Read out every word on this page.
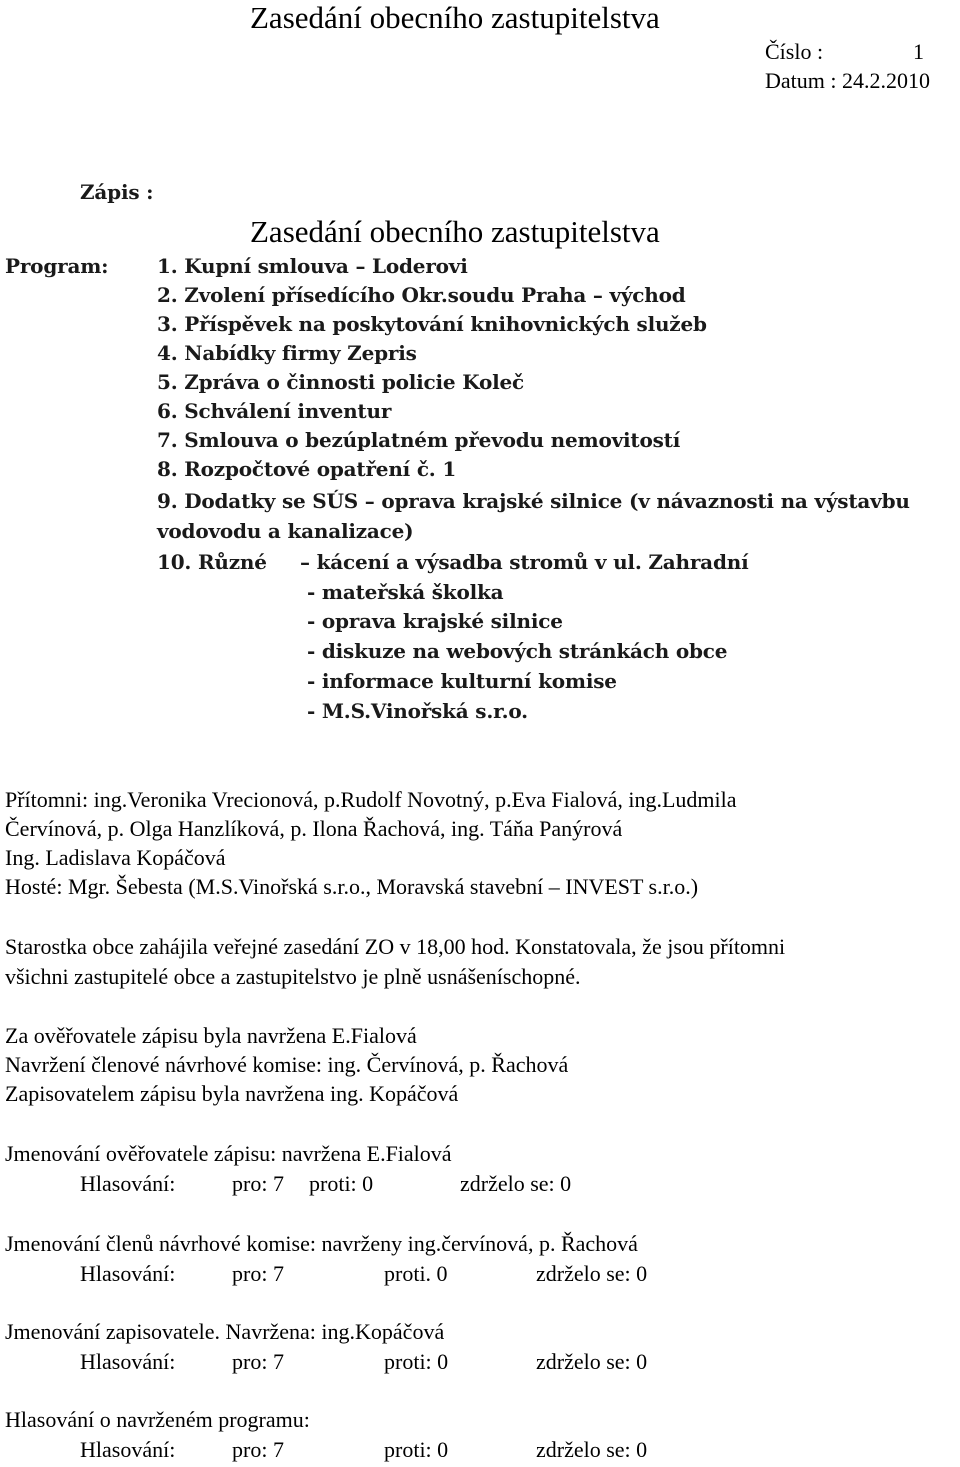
Zasedání obecního zastupitelstva
Číslo :	1
Datum : 24.2.2010
Zápis :
Zasedání obecního zastupitelstva
Program: 1. Kupní smlouva – Loderovi
2. Zvolení přísedícího Okr.soudu Praha – východ
3. Příspěvek na poskytování knihovnických služeb
4. Nabídky firmy Zepris
5. Zpráva o činnosti policie Koleč
6. Schválení inventur
7. Smlouva o bezúplatném převodu nemovitostí
8. Rozpočtové opatření č. 1
9. Dodatky se SÚS – oprava krajské silnice (v návaznosti na výstavbu
vodovodu a kanalizace)
10. Různé – kácení a výsadba stromů v ul. Zahradní
- mateřská školka
- oprava krajské silnice
- diskuze na webových stránkách obce
- informace kulturní komise
- M.S.Vinořská s.r.o.
Přítomni: ing.Veronika Vrecionová, p.Rudolf Novotný, p.Eva Fialová, ing.Ludmila
Červínová, p. Olga Hanzlíková, p. Ilona Řachová, ing. Táňa Panýrová
Ing. Ladislava Kopáčová
Hosté: Mgr. Šebesta (M.S.Vinořská s.r.o., Moravská stavební – INVEST s.r.o.)
Starostka obce zahájila veřejné zasedání ZO v 18,00 hod. Konstatovala, že jsou přítomni
všichni zastupitelé obce a zastupitelstvo je plně usnášeníschopné.
Za ověřovatele zápisu byla navržena E.Fialová
Navržení členové návrhové komise: ing. Červínová, p. Řachová
Zapisovatelem zápisu byla navržena ing. Kopáčová
Jmenování ověřovatele zápisu: navržena E.Fialová
Hlasování:	pro: 7 proti: 0	zdrželo se: 0
Jmenování členů návrhové komise: navrženy ing.červínová, p. Řachová
Hlasování:	pro: 7	proti. 0	zdrželo se: 0
Jmenování zapisovatele. Navržena: ing.Kopáčová
Hlasování:	pro: 7	proti: 0	zdrželo se: 0
Hlasování o navrženém programu:
Hlasování:	pro: 7	proti: 0	zdrželo se: 0
